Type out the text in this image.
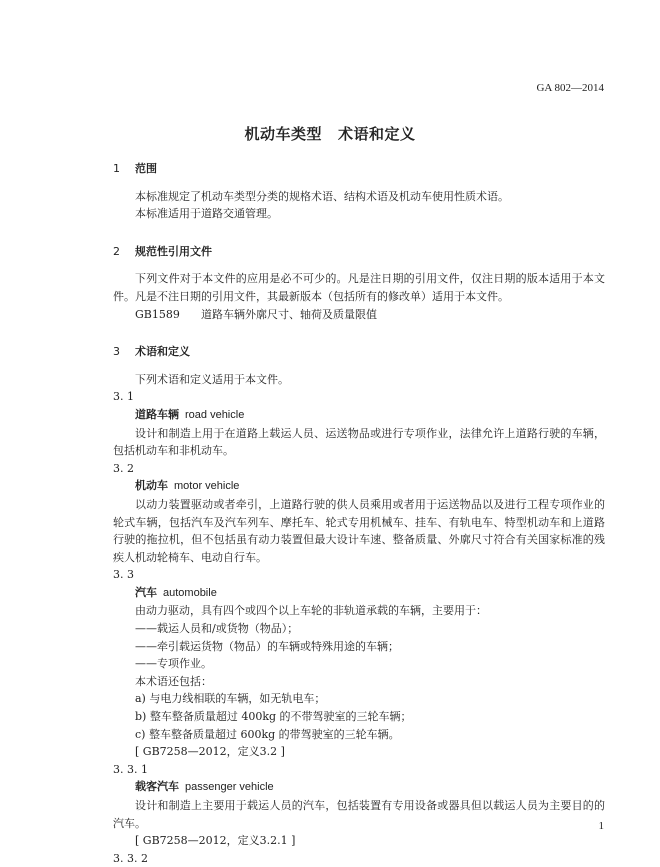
GA 802—2014
机动车类型 术语和定义

1 范围

本标准规定了机动车类型分类的规格术语、结构术语及机动车使用性质术语。

本标准适用于道路交通管理。

2 规范性引用文件

下列文件对于本文件的应用是必不可少的。凡是注日期的引用文件，仅注日期的版本适用于本文件。凡是不注日期的引用文件，其最新版本（包括所有的修改单）适用于本文件。

GB1589 道路车辆外廓尺寸、轴荷及质量限值

3 术语和定义

下列术语和定义适用于本文件。

3. 1

道路车辆 road vehicle

设计和制造上用于在道路上载运人员、运送物品或进行专项作业，法律允许上道路行驶的车辆，包括机动车和非机动车。

3. 2

机动车 motor vehicle

以动力装置驱动或者牵引，上道路行驶的供人员乘用或者用于运送物品以及进行工程专项作业的轮式车辆，包括汽车及汽车列车、摩托车、轮式专用机械车、挂车、有轨电车、特型机动车和上道路行驶的拖拉机，但不包括虽有动力装置但最大设计车速、整备质量、外廓尺寸符合有关国家标准的残疾人机动轮椅车、电动自行车。

3. 3

汽车 automobile

由动力驱动，具有四个或四个以上车轮的非轨道承载的车辆，主要用于：

——载运人员和/或货物（物品）；

——牵引载运货物（物品）的车辆或特殊用途的车辆；

——专项作业。

本术语还包括：

a) 与电力线相联的车辆，如无轨电车；

b) 整车整备质量超过 400kg 的不带驾驶室的三轮车辆；

c) 整车整备质量超过 600kg 的带驾驶室的三轮车辆。

[ GB7258—2012，定义3.2 ]

3. 3. 1

载客汽车 passenger vehicle

设计和制造上主要用于载运人员的汽车，包括装置有专用设备或器具但以载运人员为主要目的的汽车。

[ GB7258—2012，定义3.2.1 ]

3. 3. 2

1
